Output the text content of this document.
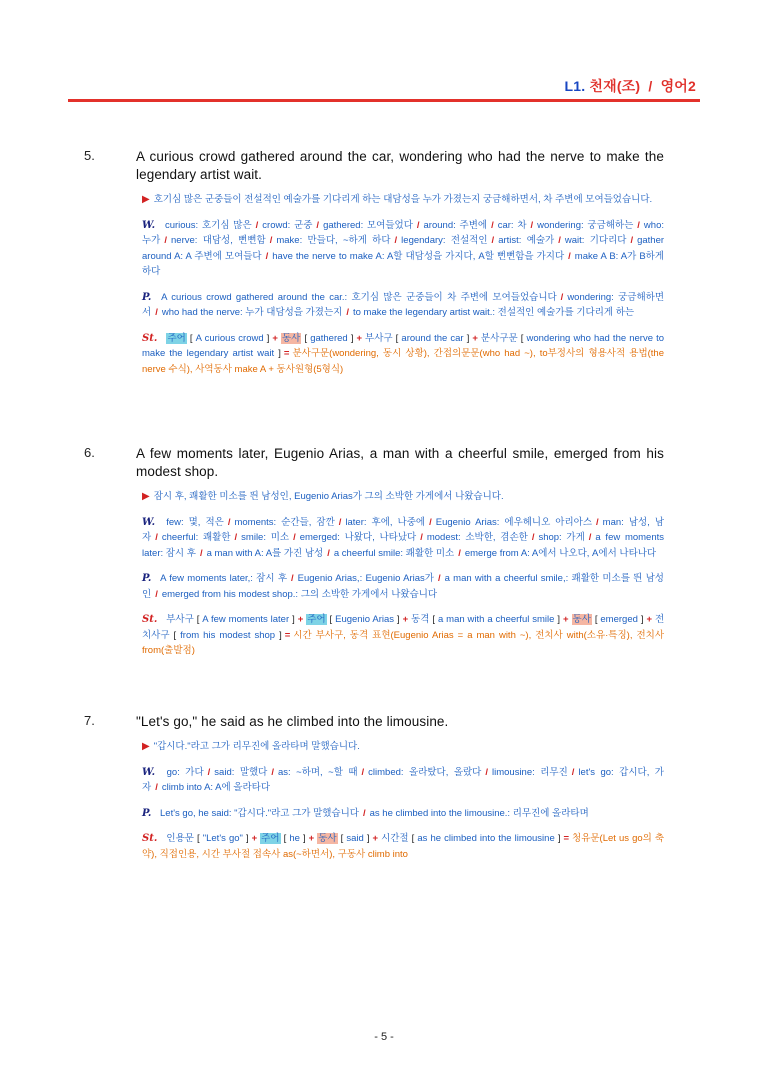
L1. 천재(조) / 영어2
5.	A curious crowd gathered around the car, wondering who had the nerve to make the legendary artist wait.
▶ 호기심 많은 군중들이 전설적인 예술가를 기다리게 하는 대담성을 누가 가졌는지 궁금해하면서, 차 주변에 모여들었습니다.
W. curious: 호기심 많은 / crowd: 군중 / gathered: 모여들었다 / around: 주변에 / car: 차 / wondering: 궁금해하는 / who: 누가 / nerve: 대담성, 뻔뻔함 / make: 만들다, ~하게 하다 / legendary: 전설적인 / artist: 예술가 / wait: 기다리다 / gather around A: A 주변에 모여들다 / have the nerve to make A: A할 대담성을 가지다, A할 뻔뻔함을 가지다 / make A B: A가 B하게 하다
P. A curious crowd gathered around the car.: 호기심 많은 군중들이 차 주변에 모여들었습니다 / wondering: 궁금해하면서 / who had the nerve: 누가 대담성을 가졌는지 / to make the legendary artist wait.: 전설적인 예술가를 기다리게 하는
St. 주어 [ A curious crowd ] + 동사 [ gathered ] + 부사구 [ around the car ] + 분사구문 [ wondering who had the nerve to make the legendary artist wait ] = 분사구문(wondering, 동시 상황), 간접의문문(who had ~), to부정사의 형용사적 용법(the nerve 수식), 사역동사 make A + 동사원형(5형식)
6.	A few moments later, Eugenio Arias, a man with a cheerful smile, emerged from his modest shop.
▶ 잠시 후, 쾌활한 미소를 띈 남성인, Eugenio Arias가 그의 소박한 가게에서 나왔습니다.
W. few: 몇, 적은 / moments: 순간들, 잠깐 / later: 후에, 나중에 / Eugenio Arias: 에우헤니오 아리아스 / man: 남성, 남자 / cheerful: 쾌활한 / smile: 미소 / emerged: 나왔다, 나타났다 / modest: 소박한, 겸손한 / shop: 가게 / a few moments later: 잠시 후 / a man with A: A를 가진 남성 / a cheerful smile: 쾌활한 미소 / emerge from A: A에서 나오다, A에서 나타나다
P. A few moments later,: 잠시 후 / Eugenio Arias,: Eugenio Arias가 / a man with a cheerful smile,: 쾌활한 미소를 띈 남성인 / emerged from his modest shop.: 그의 소박한 가게에서 나왔습니다
St. 부사구 [ A few moments later ] + 주어 [ Eugenio Arias ] + 동격 [ a man with a cheerful smile ] + 동사 [ emerged ] + 전치사구 [ from his modest shop ] = 시간 부사구, 동격 표현(Eugenio Arias = a man with ~), 전치사 with(소유·특징), 전치사 from(출발점)
7.	"Let's go," he said as he climbed into the limousine.
▶ "갑시다."라고 그가 리무진에 올라타며 말했습니다.
W. go: 가다 / said: 말했다 / as: ~하며, ~할 때 / climbed: 올라탔다, 올랐다 / limousine: 리무진 / let's go: 갑시다, 가자 / climb into A: A에 올라타다
P. Let's go, he said: "갑시다."라고 그가 말했습니다 / as he climbed into the limousine.: 리무진에 올라타며
St. 인용문 [ "Let's go" ] + 주어 [ he ] + 동사 [ said ] + 시간절 [ as he climbed into the limousine ] = 청유문(Let us go의 축약), 직접인용, 시간 부사절 접속사 as(~하면서), 구동사 climb into
- 5 -
